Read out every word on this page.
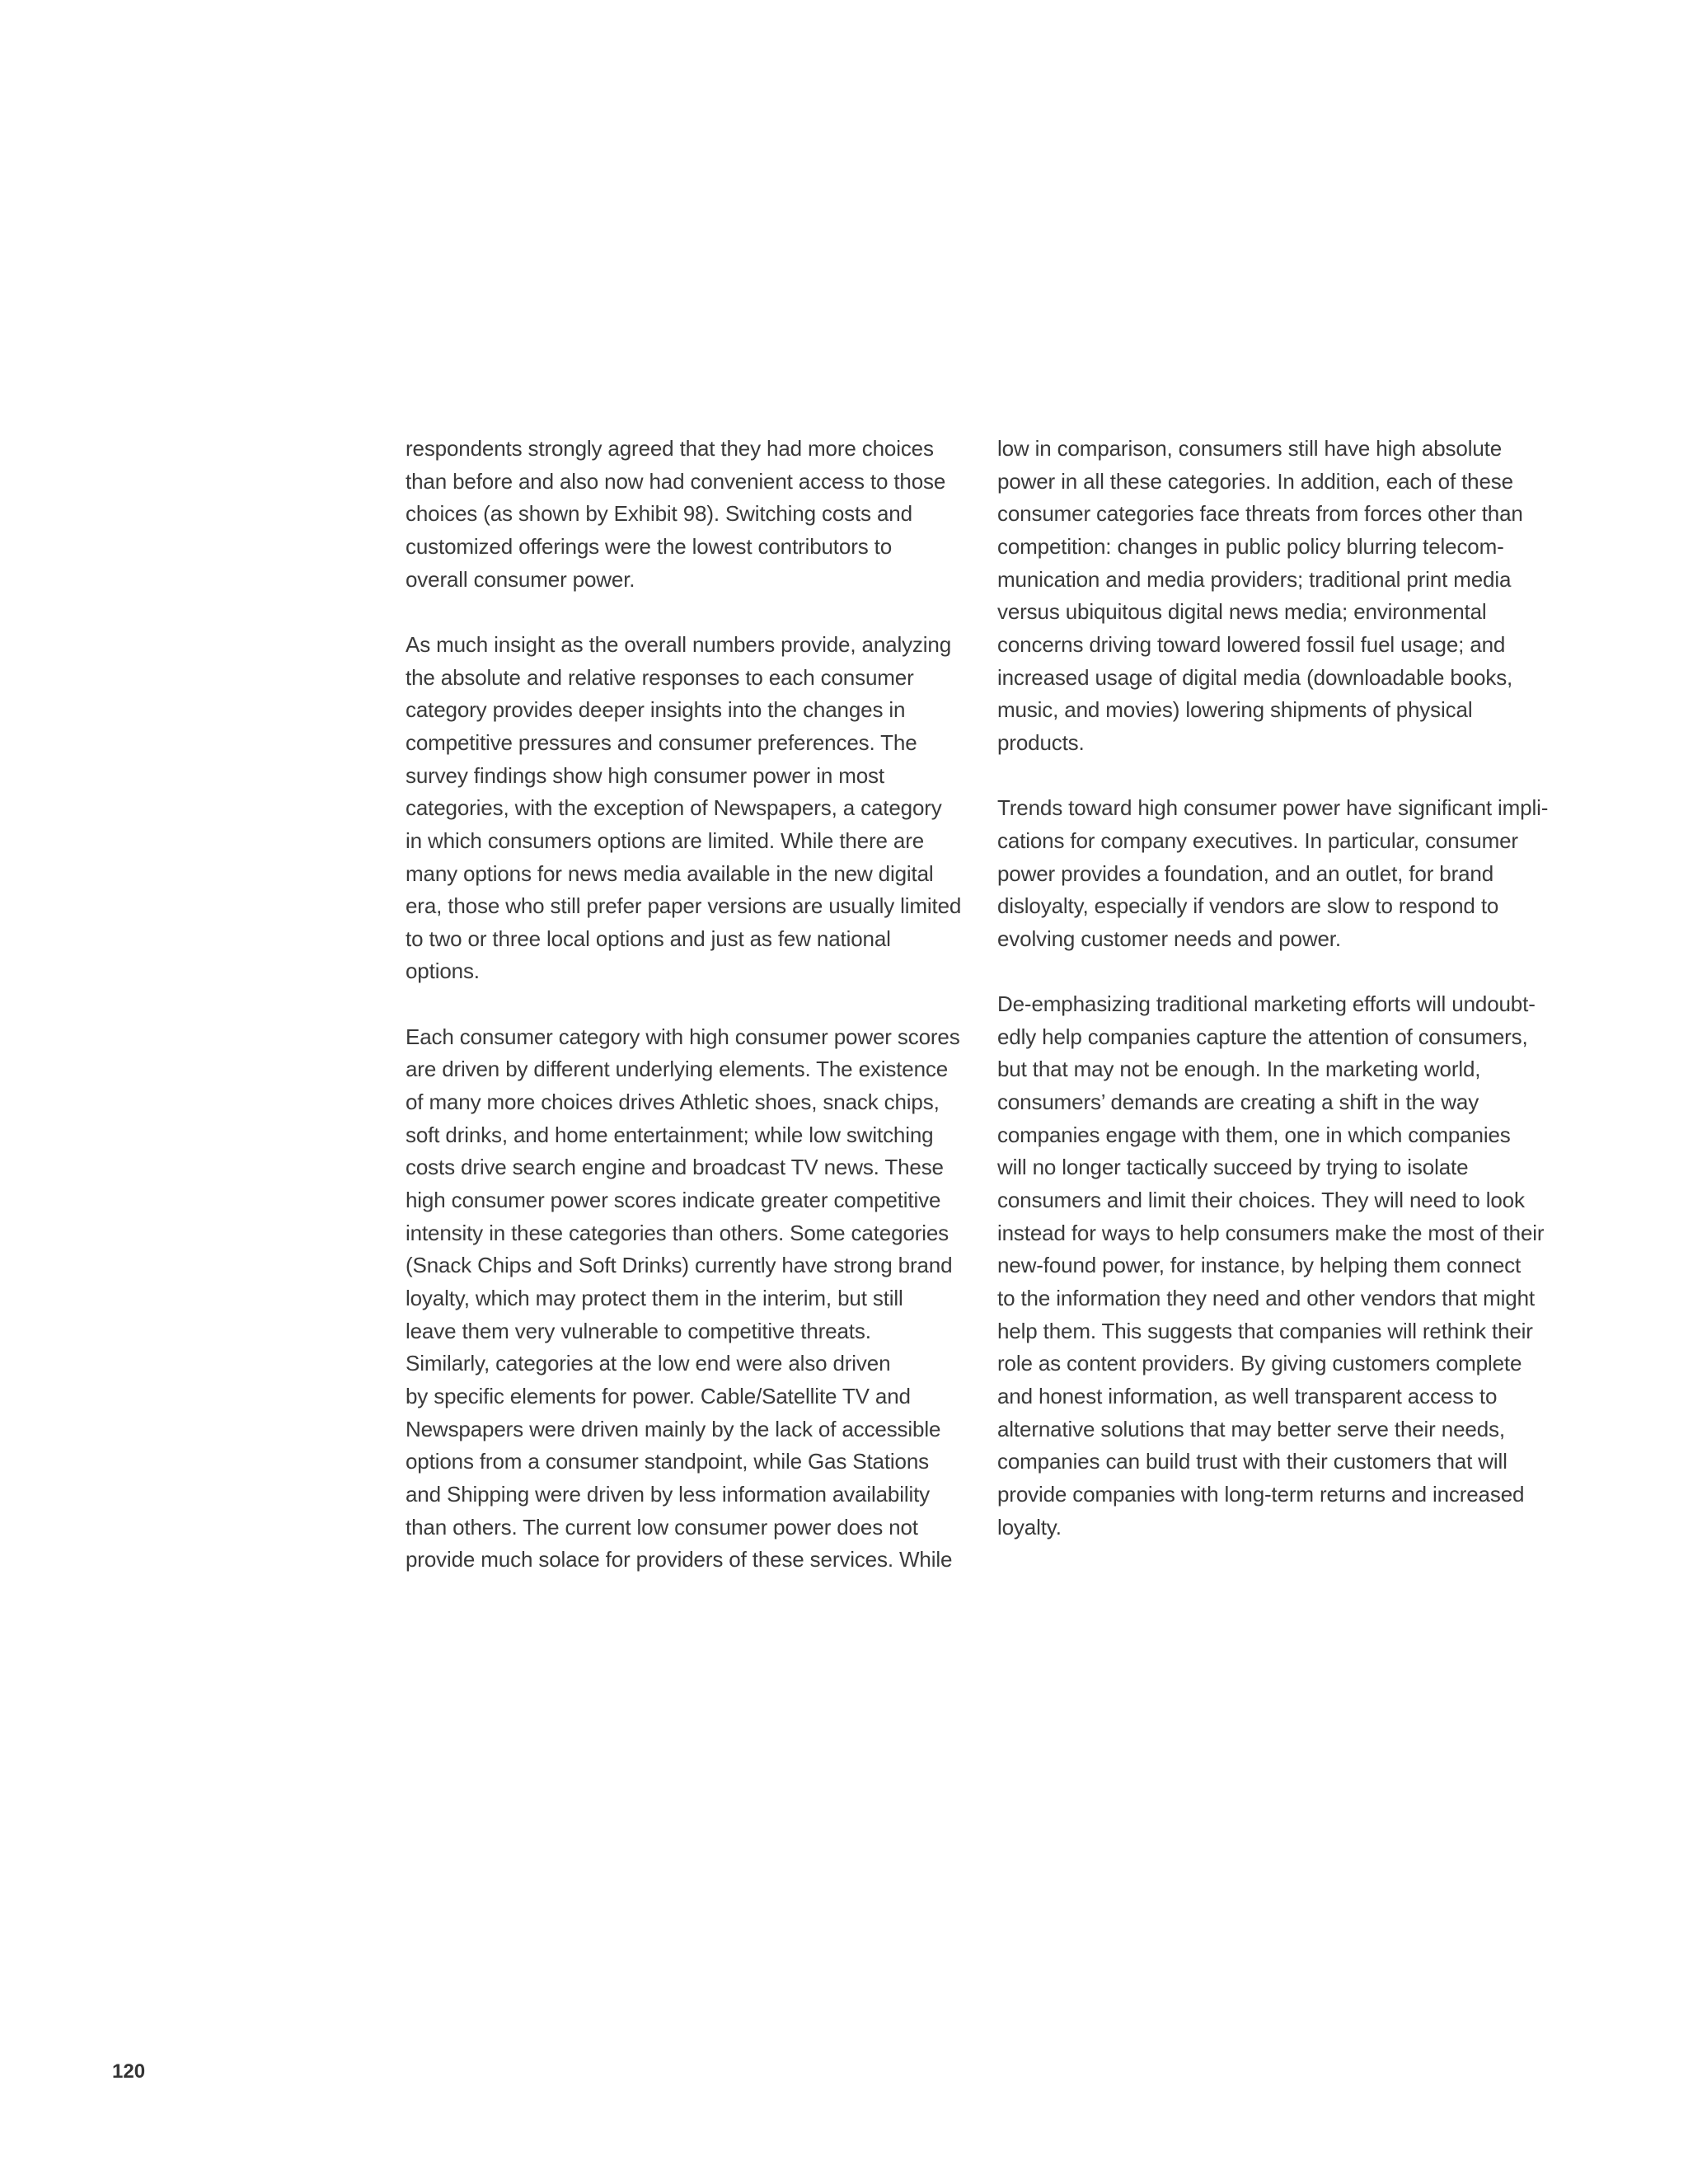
respondents strongly agreed that they had more choices
than before and also now had convenient access to those
choices (as shown by Exhibit 98). Switching costs and
customized offerings were the lowest contributors to
overall consumer power.
As much insight as the overall numbers provide, analyzing
the absolute and relative responses to each consumer
category provides deeper insights into the changes in
competitive pressures and consumer preferences. The
survey findings show high consumer power in most
categories, with the exception of Newspapers, a category
in which consumers options are limited. While there are
many options for news media available in the new digital
era, those who still prefer paper versions are usually limited
to two or three local options and just as few national
options.
Each consumer category with high consumer power scores
are driven by different underlying elements. The existence
of many more choices drives Athletic shoes, snack chips,
soft drinks, and home entertainment; while low switching
costs drive search engine and broadcast TV news. These
high consumer power scores indicate greater competitive
intensity in these categories than others. Some categories
(Snack Chips and Soft Drinks) currently have strong brand
loyalty, which may protect them in the interim, but still
leave them very vulnerable to competitive threats.
Similarly, categories at the low end were also driven
by specific elements for power. Cable/Satellite TV and
Newspapers were driven mainly by the lack of accessible
options from a consumer standpoint, while Gas Stations
and Shipping were driven by less information availability
than others. The current low consumer power does not
provide much solace for providers of these services. While
low in comparison, consumers still have high absolute
power in all these categories. In addition, each of these
consumer categories face threats from forces other than
competition: changes in public policy blurring telecom-
munication and media providers; traditional print media
versus ubiquitous digital news media; environmental
concerns driving toward lowered fossil fuel usage; and
increased usage of digital media (downloadable books,
music, and movies) lowering shipments of physical
products.
Trends toward high consumer power have significant impli-
cations for company executives. In particular, consumer
power provides a foundation, and an outlet, for brand
disloyalty, especially if vendors are slow to respond to
evolving customer needs and power.
De-emphasizing traditional marketing efforts will undoubt-
edly help companies capture the attention of consumers,
but that may not be enough. In the marketing world,
consumers’ demands are creating a shift in the way
companies engage with them, one in which companies
will no longer tactically succeed by trying to isolate
consumers and limit their choices. They will need to look
instead for ways to help consumers make the most of their
new-found power, for instance, by helping them connect
to the information they need and other vendors that might
help them. This suggests that companies will rethink their
role as content providers. By giving customers complete
and honest information, as well transparent access to
alternative solutions that may better serve their needs,
companies can build trust with their customers that will
provide companies with long-term returns and increased
loyalty.
120
